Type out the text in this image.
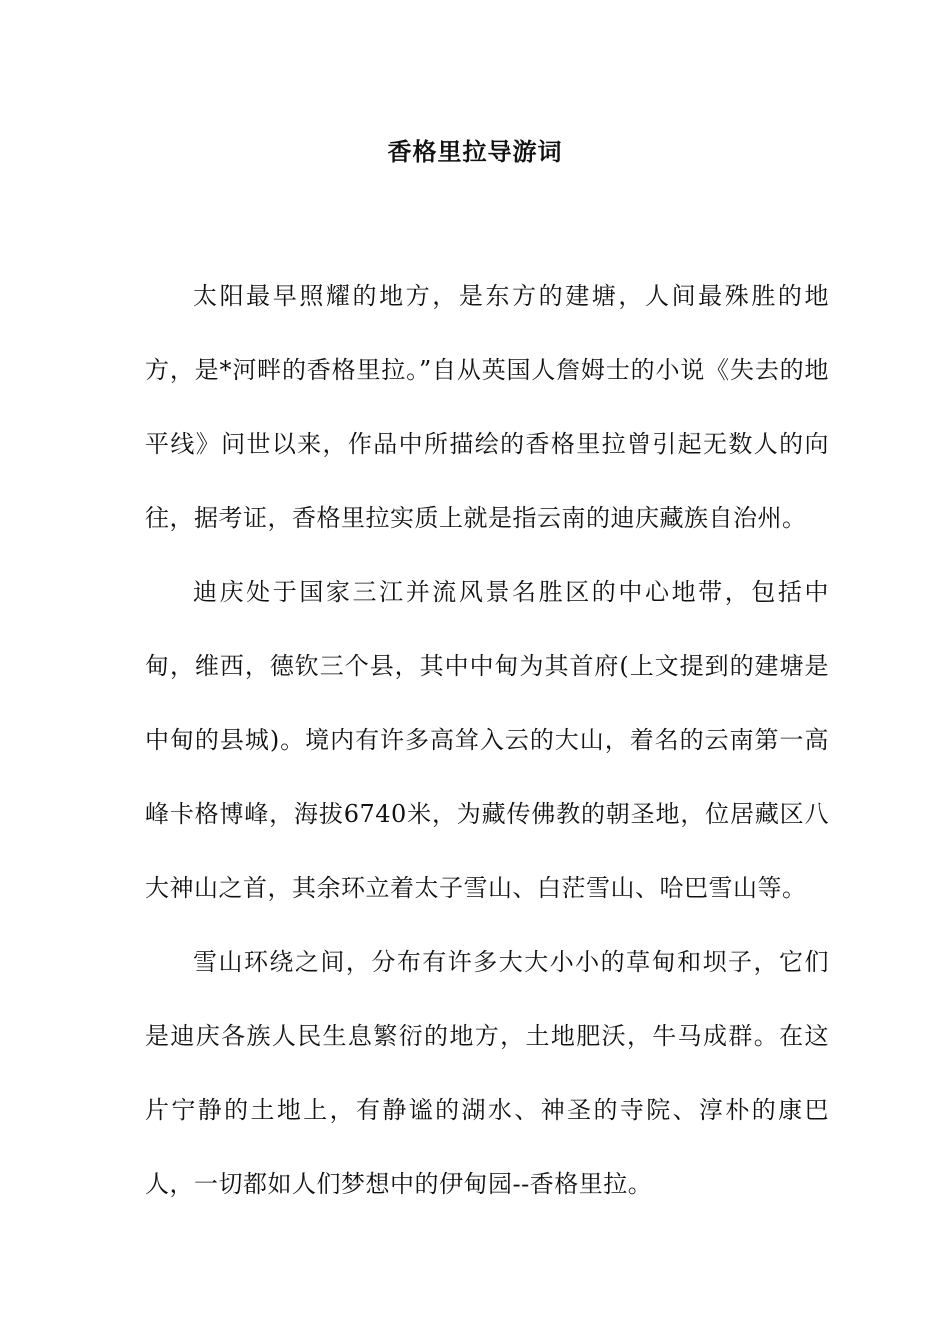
香格里拉导游词

太阳最早照耀的地方，是东方的建塘，人间最殊胜的地方，是*河畔的香格里拉。”自从英国人詹姆士的小说《失去的地平线》问世以来，作品中所描绘的香格里拉曾引起无数人的向往，据考证，香格里拉实质上就是指云南的迪庆藏族自治州。

迪庆处于国家三江并流风景名胜区的中心地带，包括中甸，维西，德钦三个县，其中中甸为其首府(上文提到的建塘是中甸的县城)。境内有许多高耸入云的大山，着名的云南第一高峰卡格博峰，海拔6740米，为藏传佛教的朝圣地，位居藏区八大神山之首，其余环立着太子雪山、白茫雪山、哈巴雪山等。

雪山环绕之间，分布有许多大大小小的草甸和坝子，它们是迪庆各族人民生息繁衍的地方，土地肥沃，牛马成群。在这片宁静的土地上，有静谧的湖水、神圣的寺院、淳朴的康巴人，一切都如人们梦想中的伊甸园--香格里拉。
